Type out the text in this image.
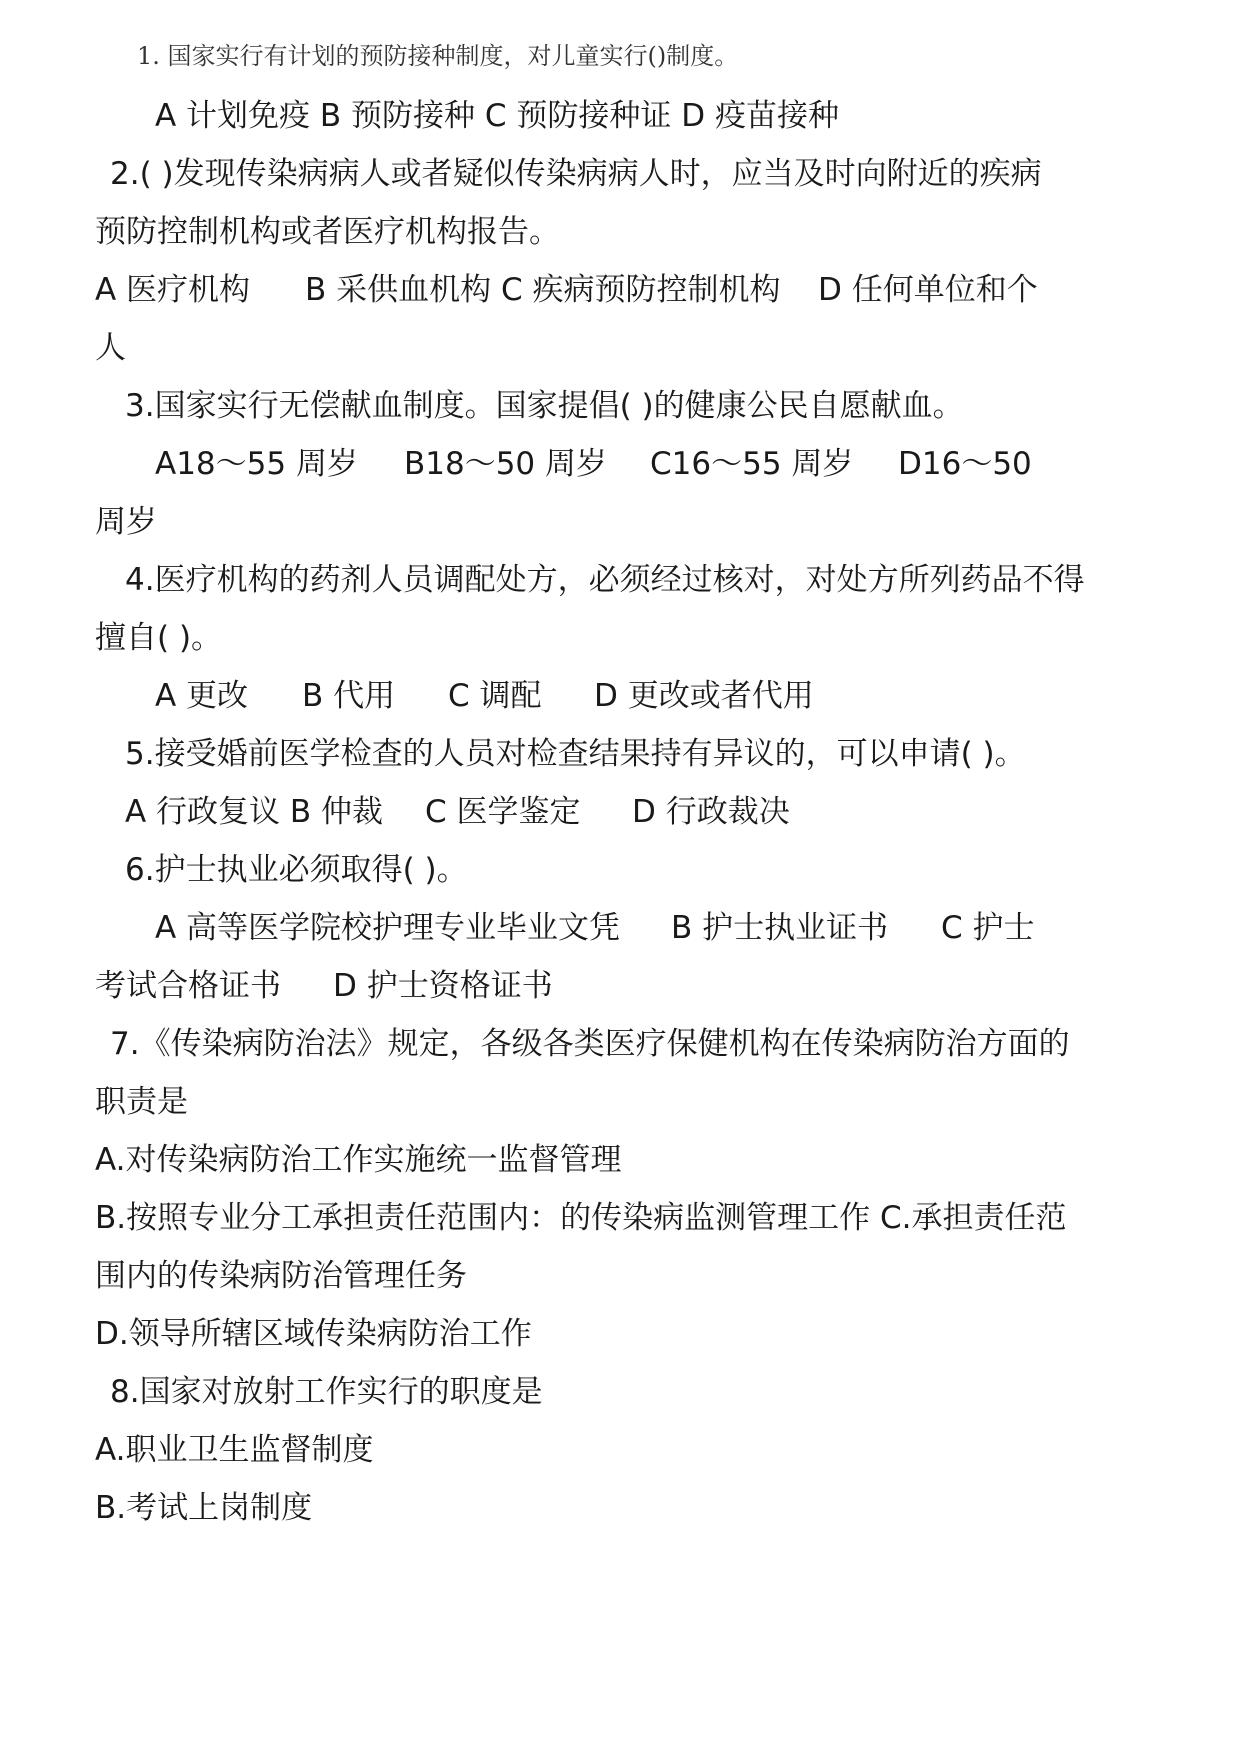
1. 国家实行有计划的预防接种制度，对儿童实行()制度。
A 计划免疫 B 预防接种 C 预防接种证 D 疫苗接种
2.( )发现传染病病人或者疑似传染病病人时，应当及时向附近的疾病
预防控制机构或者医疗机构报告。
A 医疗机构 B 采供血机构 C 疾病预防控制机构 D 任何单位和个
人
3.国家实行无偿献血制度。国家提倡( )的健康公民自愿献血。
A18～55 周岁 B18～50 周岁 C16～55 周岁 D16～50
周岁
4.医疗机构的药剂人员调配处方，必须经过核对，对处方所列药品不得
擅自( )。
A 更改 B 代用 C 调配 D 更改或者代用
5.接受婚前医学检查的人员对检查结果持有异议的，可以申请( )。
A 行政复议 B 仲裁 C 医学鉴定 D 行政裁决
6.护士执业必须取得( )。
A 高等医学院校护理专业毕业文凭 B 护士执业证书 C 护士
考试合格证书 D 护士资格证书
7.《传染病防治法》规定，各级各类医疗保健机构在传染病防治方面的
职责是
A.对传染病防治工作实施统一监督管理
B.按照专业分工承担责任范围内：的传染病监测管理工作 C.承担责任范
围内的传染病防治管理任务
D.领导所辖区域传染病防治工作
8.国家对放射工作实行的职度是
A.职业卫生监督制度
B.考试上岗制度
